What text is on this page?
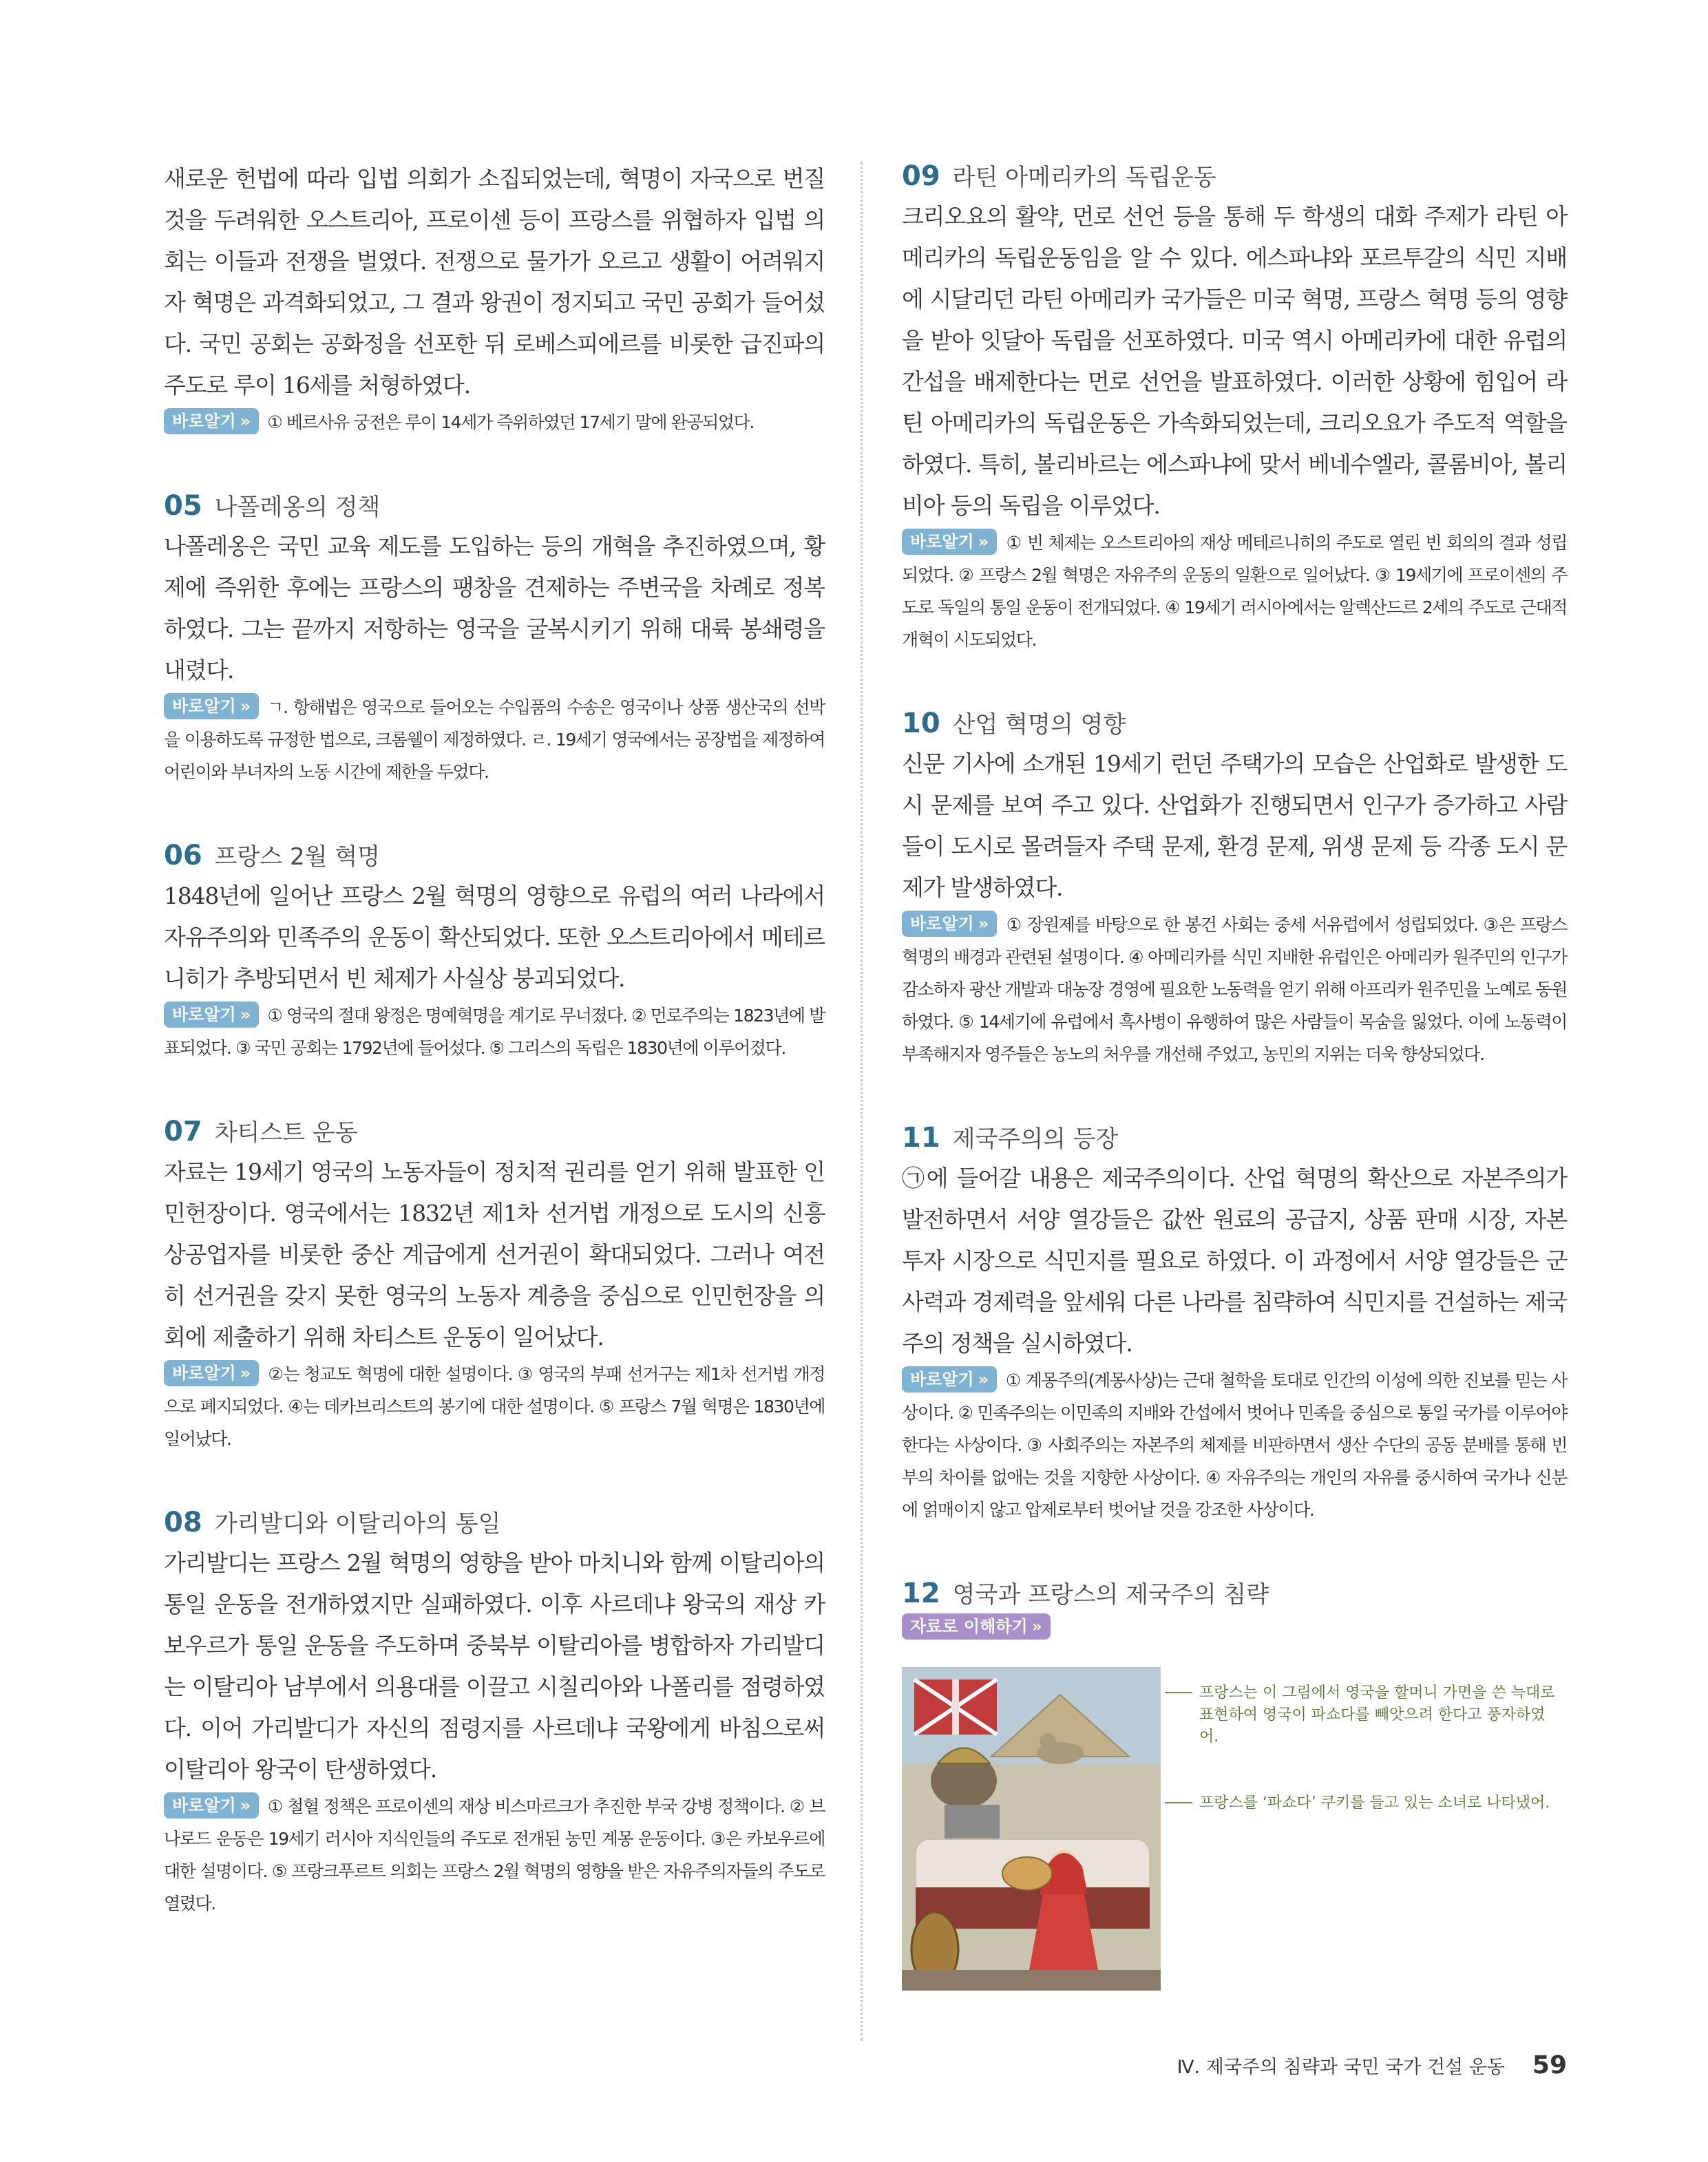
새로운 헌법에 따라 입법 의회가 소집되었는데, 혁명이 자국으로 번질 것을 두려워한 오스트리아, 프로이센 등이 프랑스를 위협하자 입법 의회는 이들과 전쟁을 벌였다. 전쟁으로 물가가 오르고 생활이 어려워지자 혁명은 과격화되었고, 그 결과 왕권이 정지되고 국민 공회가 들어섰다. 국민 공회는 공화정을 선포한 뒤 로베스피에르를 비롯한 급진파의 주도로 루이 16세를 처형하였다.

바로알기 » ① 베르사유 궁전은 루이 14세가 즉위하였던 17세기 말에 완공되었다.

05 나폴레옹의 정책

나폴레옹은 국민 교육 제도를 도입하는 등의 개혁을 추진하였으며, 황제에 즉위한 후에는 프랑스의 팽창을 견제하는 주변국을 차례로 정복하였다. 그는 끝까지 저항하는 영국을 굴복시키기 위해 대륙 봉쇄령을 내렸다.

바로알기 » ㄱ. 항해법은 영국으로 들어오는 수입품의 수송은 영국이나 상품 생산국의 선박을 이용하도록 규정한 법으로, 크롬웰이 제정하였다. ㄹ. 19세기 영국에서는 공장법을 제정하여 어린이와 부녀자의 노동 시간에 제한을 두었다.

06 프랑스 2월 혁명

1848년에 일어난 프랑스 2월 혁명의 영향으로 유럽의 여러 나라에서 자유주의와 민족주의 운동이 확산되었다. 또한 오스트리아에서 메테르니히가 추방되면서 빈 체제가 사실상 붕괴되었다.

바로알기 » ① 영국의 절대 왕정은 명예혁명을 계기로 무너졌다. ② 먼로주의는 1823년에 발표되었다. ③ 국민 공회는 1792년에 들어섰다. ⑤ 그리스의 독립은 1830년에 이루어졌다.

07 차티스트 운동

자료는 19세기 영국의 노동자들이 정치적 권리를 얻기 위해 발표한 인민헌장이다. 영국에서는 1832년 제1차 선거법 개정으로 도시의 신흥 상공업자를 비롯한 중산 계급에게 선거권이 확대되었다. 그러나 여전히 선거권을 갖지 못한 영국의 노동자 계층을 중심으로 인민헌장을 의회에 제출하기 위해 차티스트 운동이 일어났다.

바로알기 » ②는 청교도 혁명에 대한 설명이다. ③ 영국의 부패 선거구는 제1차 선거법 개정으로 폐지되었다. ④는 데카브리스트의 봉기에 대한 설명이다. ⑤ 프랑스 7월 혁명은 1830년에 일어났다.

08 가리발디와 이탈리아의 통일

가리발디는 프랑스 2월 혁명의 영향을 받아 마치니와 함께 이탈리아의 통일 운동을 전개하였지만 실패하였다. 이후 사르데냐 왕국의 재상 카보우르가 통일 운동을 주도하며 중북부 이탈리아를 병합하자 가리발디는 이탈리아 남부에서 의용대를 이끌고 시칠리아와 나폴리를 점령하였다. 이어 가리발디가 자신의 점령지를 사르데냐 국왕에게 바침으로써 이탈리아 왕국이 탄생하였다.

바로알기 » ① 철혈 정책은 프로이센의 재상 비스마르크가 추진한 부국 강병 정책이다. ② 브나로드 운동은 19세기 러시아 지식인들의 주도로 전개된 농민 계몽 운동이다. ③은 카보우르에 대한 설명이다. ⑤ 프랑크푸르트 의회는 프랑스 2월 혁명의 영향을 받은 자유주의자들의 주도로 열렸다.

09 라틴 아메리카의 독립운동

크리오요의 활약, 먼로 선언 등을 통해 두 학생의 대화 주제가 라틴 아메리카의 독립운동임을 알 수 있다. 에스파냐와 포르투갈의 식민 지배에 시달리던 라틴 아메리카 국가들은 미국 혁명, 프랑스 혁명 등의 영향을 받아 잇달아 독립을 선포하였다. 미국 역시 아메리카에 대한 유럽의 간섭을 배제한다는 먼로 선언을 발표하였다. 이러한 상황에 힘입어 라틴 아메리카의 독립운동은 가속화되었는데, 크리오요가 주도적 역할을 하였다. 특히, 볼리바르는 에스파냐에 맞서 베네수엘라, 콜롬비아, 볼리비아 등의 독립을 이루었다.

바로알기 » ① 빈 체제는 오스트리아의 재상 메테르니히의 주도로 열린 빈 회의의 결과 성립되었다. ② 프랑스 2월 혁명은 자유주의 운동의 일환으로 일어났다. ③ 19세기에 프로이센의 주도로 독일의 통일 운동이 전개되었다. ④ 19세기 러시아에서는 알렉산드르 2세의 주도로 근대적 개혁이 시도되었다.

10 산업 혁명의 영향

신문 기사에 소개된 19세기 런던 주택가의 모습은 산업화로 발생한 도시 문제를 보여 주고 있다. 산업화가 진행되면서 인구가 증가하고 사람들이 도시로 몰려들자 주택 문제, 환경 문제, 위생 문제 등 각종 도시 문제가 발생하였다.

바로알기 » ① 장원제를 바탕으로 한 봉건 사회는 중세 서유럽에서 성립되었다. ③은 프랑스 혁명의 배경과 관련된 설명이다. ④ 아메리카를 식민 지배한 유럽인은 아메리카 원주민의 인구가 감소하자 광산 개발과 대농장 경영에 필요한 노동력을 얻기 위해 아프리카 원주민을 노예로 동원하였다. ⑤ 14세기에 유럽에서 흑사병이 유행하여 많은 사람들이 목숨을 잃었다. 이에 노동력이 부족해지자 영주들은 농노의 처우를 개선해 주었고, 농민의 지위는 더욱 향상되었다.

11 제국주의의 등장

㉠에 들어갈 내용은 제국주의이다. 산업 혁명의 확산으로 자본주의가 발전하면서 서양 열강들은 값싼 원료의 공급지, 상품 판매 시장, 자본 투자 시장으로 식민지를 필요로 하였다. 이 과정에서 서양 열강들은 군사력과 경제력을 앞세워 다른 나라를 침략하여 식민지를 건설하는 제국주의 정책을 실시하였다.

바로알기 » ① 계몽주의(계몽사상)는 근대 철학을 토대로 인간의 이성에 의한 진보를 믿는 사상이다. ② 민족주의는 이민족의 지배와 간섭에서 벗어나 민족을 중심으로 통일 국가를 이루어야 한다는 사상이다. ③ 사회주의는 자본주의 체제를 비판하면서 생산 수단의 공동 분배를 통해 빈부의 차이를 없애는 것을 지향한 사상이다. ④ 자유주의는 개인의 자유를 중시하여 국가나 신분에 얽매이지 않고 압제로부터 벗어날 것을 강조한 사상이다.

12 영국과 프랑스의 제국주의 침략
자료로 이해하기 »
프랑스는 이 그림에서 영국을 할머니 가면을 쓴 늑대로 표현하여 영국이 파쇼다를 빼앗으려 한다고 풍자하였어.
프랑스를 ‘파쇼다’ 쿠키를 들고 있는 소녀로 나타냈어.
Ⅳ. 제국주의 침략과 국민 국가 건설 운동 59
